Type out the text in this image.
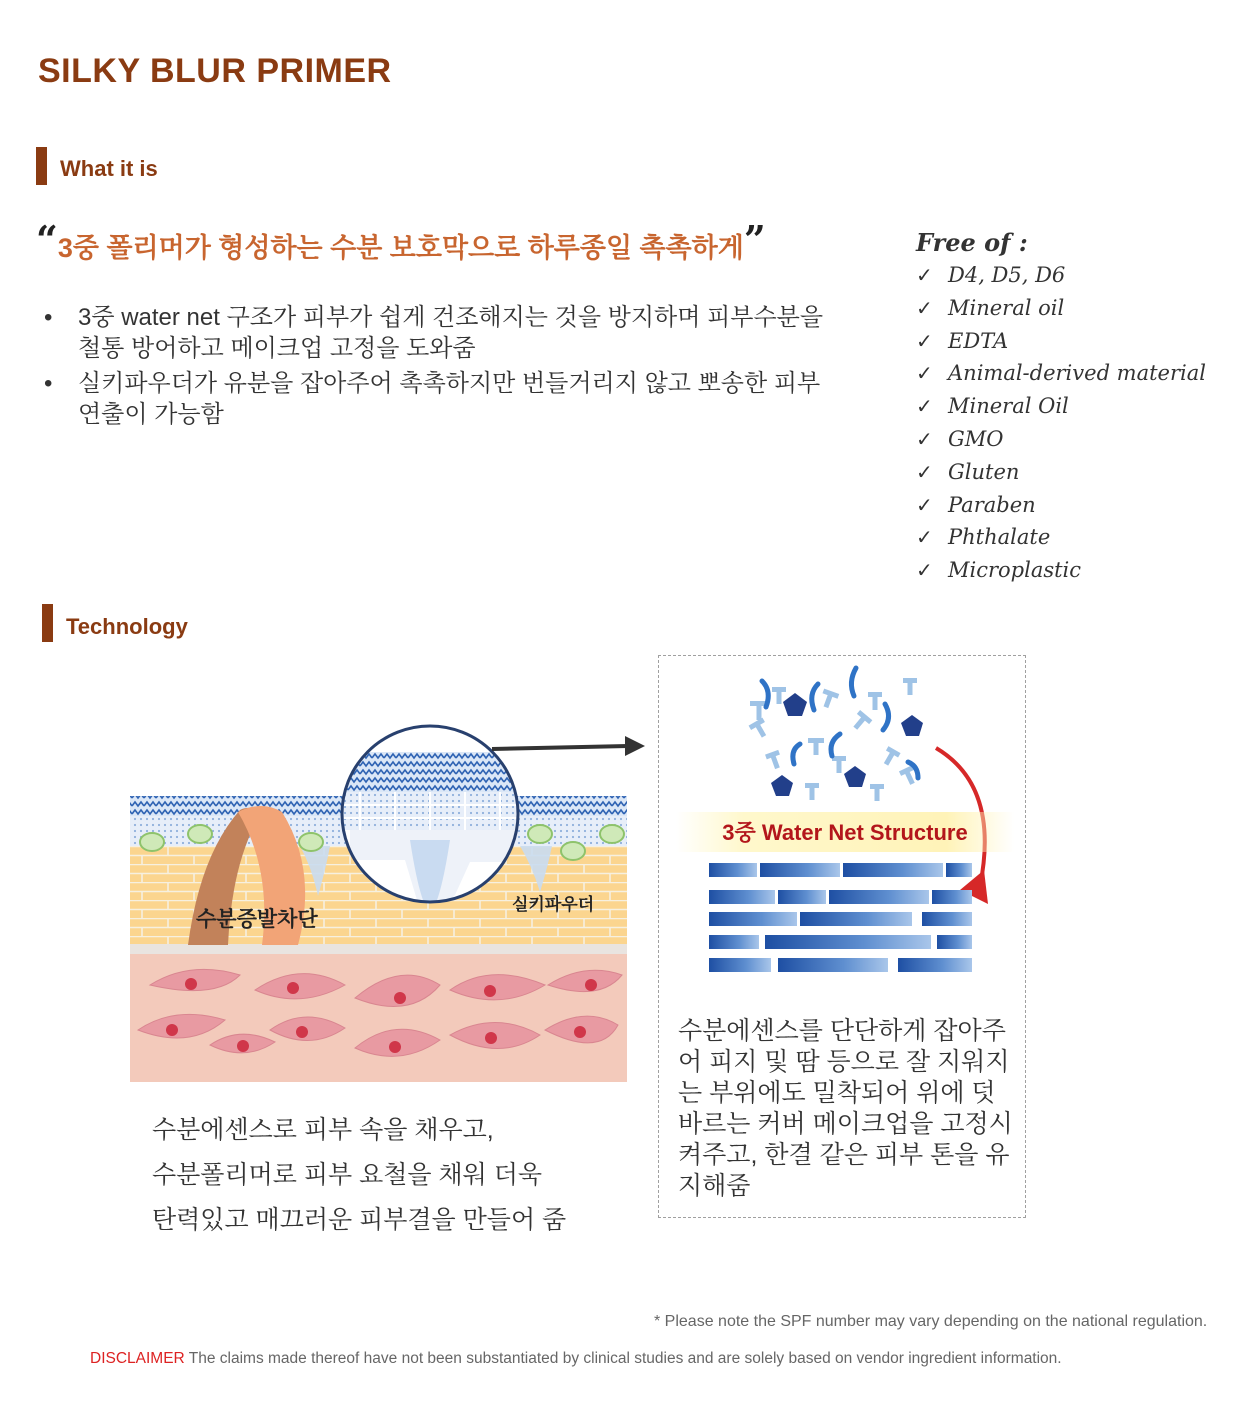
SILKY BLUR PRIMER
What it is
“3중 폴리머가 형성하는 수분 보호막으로 하루종일 촉촉하게”
• 3중 water net 구조가 피부가 쉽게 건조해지는 것을 방지하며 피부수분을 철통 방어하고 메이크업 고정을 도와줌
• 실키파우더가 유분을 잡아주어 촉촉하지만 번들거리지 않고 뽀송한 피부 연출이 가능함
Free of :
✓ D4, D5, D6
✓ Mineral oil
✓ EDTA
✓ Animal-derived material
✓ Mineral Oil
✓ GMO
✓ Gluten
✓ Paraben
✓ Phthalate
✓ Microplastic
Technology
수분증발차단
실키파우더
3중 Water Net Structure
수분에센스를 단단하게 잡아주어 피지 및 땀 등으로 잘 지워지는 부위에도 밀착되어 위에 덧바르는 커버 메이크업을 고정시켜주고, 한결 같은 피부 톤을 유지해줌
수분에센스로 피부 속을 채우고,
수분폴리머로 피부 요철을 채워 더욱
탄력있고 매끄러운 피부결을 만들어 줌
* Please note the SPF number may vary depending on the national regulation.
DISCLAIMER The claims made thereof have not been substantiated by clinical studies and are solely based on vendor ingredient information.
